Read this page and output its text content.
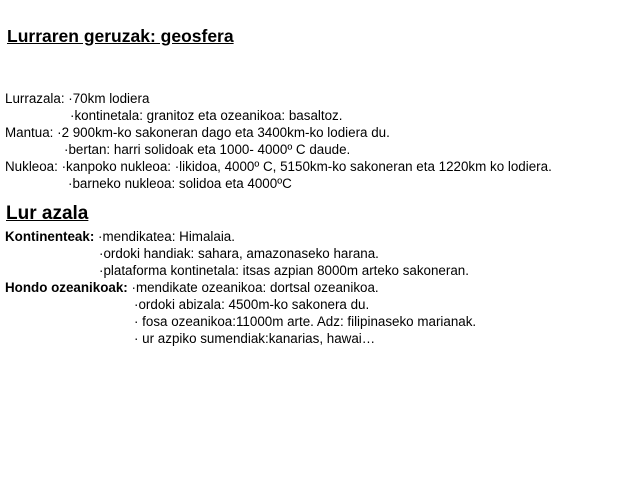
Lurraren geruzak: geosfera
Lurrazala: ·70km lodiera
·kontinetala: granitoz eta ozeanikoa: basaltoz.
Mantua: ·2 900km-ko sakoneran dago eta 3400km-ko lodiera du.
·bertan: harri solidoak eta 1000- 4000º C daude.
Nukleoa: ·kanpoko nukleoa: ·likidoa, 4000º C, 5150km-ko sakoneran eta 1220km ko lodiera.
·barneko nukleoa: solidoa eta 4000ºC
Lur azala
Kontinenteak: ·mendikatea: Himalaia.
·ordoki handiak: sahara, amazonaseko harana.
·plataforma kontinetala: itsas azpian 8000m arteko sakoneran.
Hondo ozeanikoak: ·mendikate ozeanikoa: dortsal ozeanikoa.
·ordoki abizala: 4500m-ko sakonera du.
· fosa ozeanikoa:11000m arte. Adz: filipinaseko marianak.
· ur azpiko sumendiak:kanarias, hawai…
